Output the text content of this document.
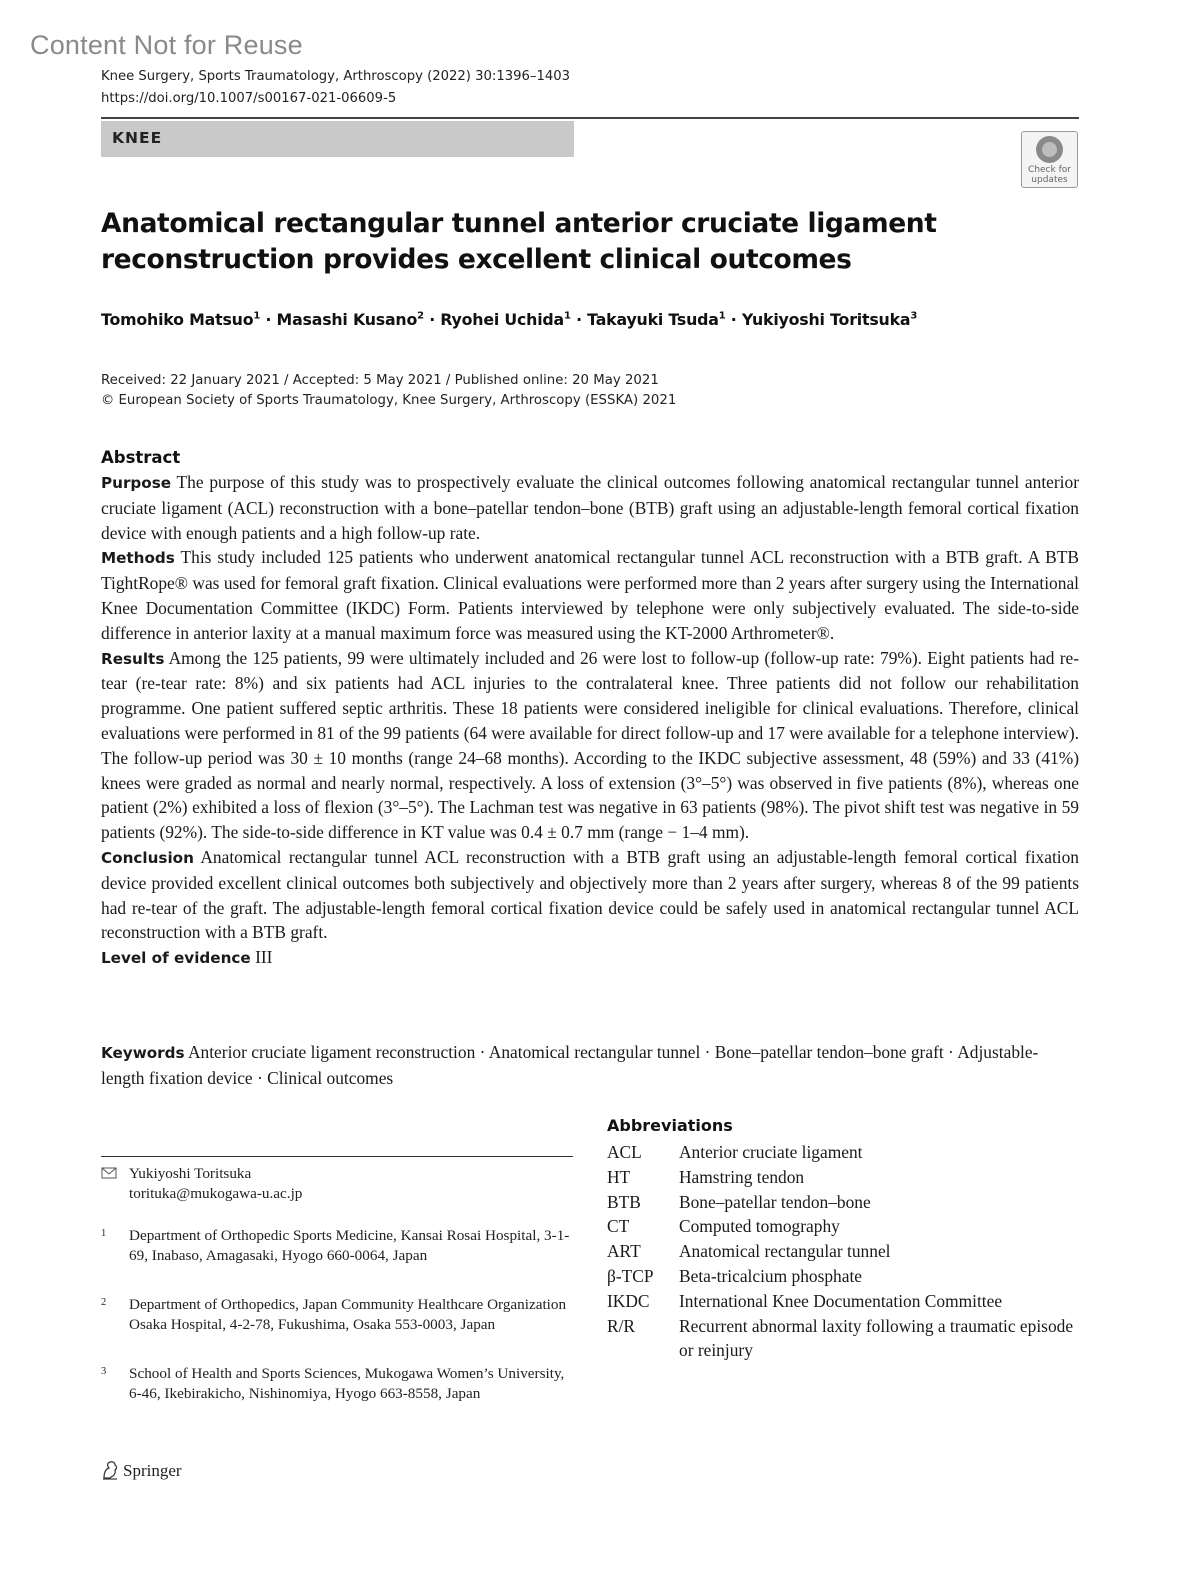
Content Not for Reuse
Knee Surgery, Sports Traumatology, Arthroscopy (2022) 30:1396–1403
https://doi.org/10.1007/s00167-021-06609-5
KNEE
Check for
updates
Anatomical rectangular tunnel anterior cruciate ligament reconstruction provides excellent clinical outcomes
Tomohiko Matsuo$^1$ · Masashi Kusano$^2$ · Ryohei Uchida$^1$ · Takayuki Tsuda$^1$ · Yukiyoshi Toritsuka$^3$
Received: 22 January 2021 / Accepted: 5 May 2021 / Published online: 20 May 2021
© European Society of Sports Traumatology, Knee Surgery, Arthroscopy (ESSKA) 2021
Abstract

Purpose The purpose of this study was to prospectively evaluate the clinical outcomes following anatomical rectangular tunnel anterior cruciate ligament (ACL) reconstruction with a bone–patellar tendon–bone (BTB) graft using an adjustable-length femoral cortical fixation device with enough patients and a high follow-up rate.

Methods This study included 125 patients who underwent anatomical rectangular tunnel ACL reconstruction with a BTB graft. A BTB TightRope® was used for femoral graft fixation. Clinical evaluations were performed more than 2 years after surgery using the International Knee Documentation Committee (IKDC) Form. Patients interviewed by telephone were only subjectively evaluated. The side-to-side difference in anterior laxity at a manual maximum force was measured using the KT-2000 Arthrometer®.

Results Among the 125 patients, 99 were ultimately included and 26 were lost to follow-up (follow-up rate: 79%). Eight patients had re-tear (re-tear rate: 8%) and six patients had ACL injuries to the contralateral knee. Three patients did not follow our rehabilitation programme. One patient suffered septic arthritis. These 18 patients were considered ineligible for clinical evaluations. Therefore, clinical evaluations were performed in 81 of the 99 patients (64 were available for direct follow-up and 17 were available for a telephone interview). The follow-up period was 30 ± 10 months (range 24–68 months). According to the IKDC subjective assessment, 48 (59%) and 33 (41%) knees were graded as normal and nearly normal, respectively. A loss of extension (3°–5°) was observed in five patients (8%), whereas one patient (2%) exhibited a loss of flexion (3°–5°). The Lachman test was negative in 63 patients (98%). The pivot shift test was negative in 59 patients (92%). The side-to-side difference in KT value was 0.4 ± 0.7 mm (range − 1–4 mm).

Conclusion Anatomical rectangular tunnel ACL reconstruction with a BTB graft using an adjustable-length femoral cortical fixation device provided excellent clinical outcomes both subjectively and objectively more than 2 years after surgery, whereas 8 of the 99 patients had re-tear of the graft. The adjustable-length femoral cortical fixation device could be safely used in anatomical rectangular tunnel ACL reconstruction with a BTB graft.

Level of evidence III

Keywords Anterior cruciate ligament reconstruction · Anatomical rectangular tunnel · Bone–patellar tendon–bone graft · Adjustable-length fixation device · Clinical outcomes
Yukiyoshi Toritsuka
torituka@mukogawa-u.ac.jp
1 Department of Orthopedic Sports Medicine, Kansai Rosai Hospital, 3-1-69, Inabaso, Amagasaki, Hyogo 660-0064, Japan
2 Department of Orthopedics, Japan Community Healthcare Organization Osaka Hospital, 4-2-78, Fukushima, Osaka 553-0003, Japan
3 School of Health and Sports Sciences, Mukogawa Women’s University, 6-46, Ikebirakicho, Nishinomiya, Hyogo 663-8558, Japan
Abbreviations
ACL Anterior cruciate ligament
HT	Hamstring tendon
BTB Bone–patellar tendon–bone
CT	Computed tomography
ART Anatomical rectangular tunnel
β-TCP Beta-tricalcium phosphate
IKDC International Knee Documentation Committee
R/R	Recurrent abnormal laxity following a traumatic episode or reinjury
Springer
